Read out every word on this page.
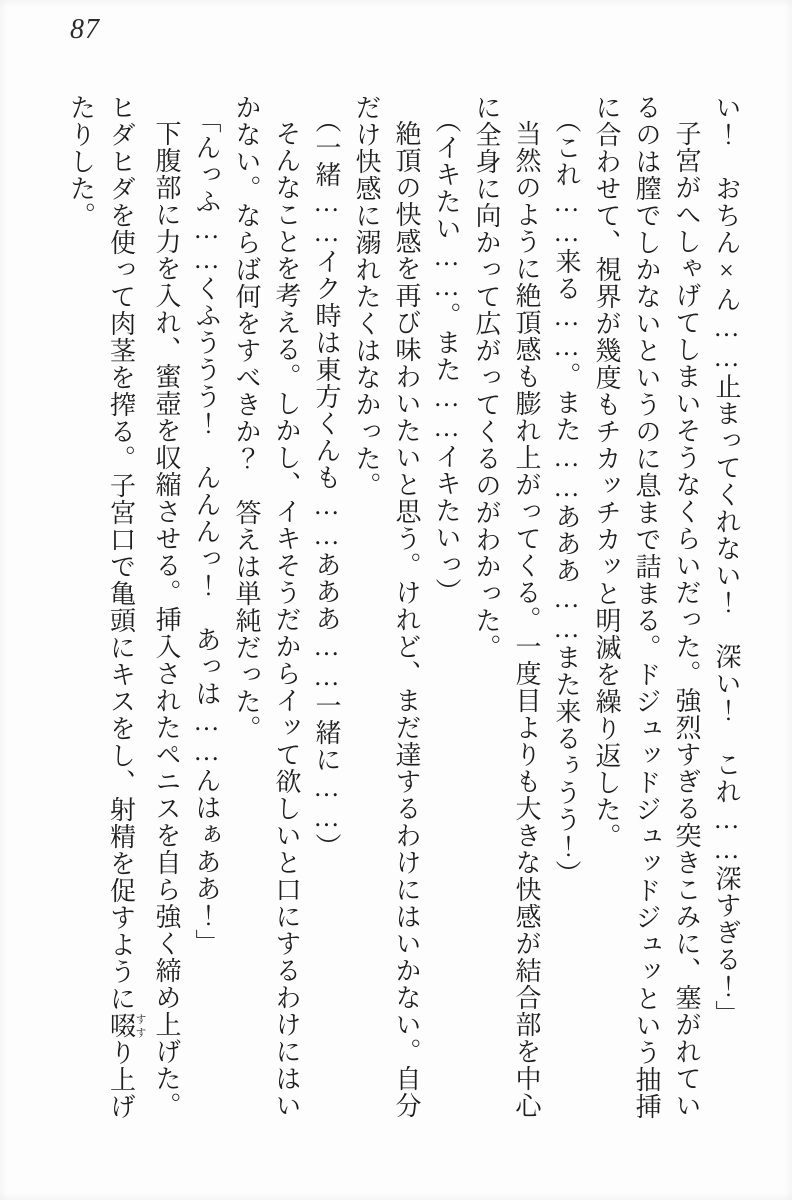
87
い！　おちん×ん……止まってくれない！　深い！　これ……深すぎる！」
子宮がへしゃげてしまいそうなくらいだった。強烈すぎる突きこみに、塞がれてい
るのは膣でしかないというのに息まで詰まる。ドジュッドジュッドジュッという抽挿
に合わせて、視界が幾度もチカッチカッと明滅を繰り返した。
（これ……来る……。また……あああ……また来るぅうう！）
当然のように絶頂感も膨れ上がってくる。一度目よりも大きな快感が結合部を中心
に全身に向かって広がってくるのがわかった。
（イキたい……。また……イキたいっ）
絶頂の快感を再び味わいたいと思う。けれど、まだ達するわけにはいかない。自分
だけ快感に溺れたくはなかった。
（一緒……イク時は東方くんも……あああ……一緒に……）
そんなことを考える。しかし、イキそうだからイッて欲しいと口にするわけにはい
かない。ならば何をすべきか？　答えは単純だった。
「んっふ……くふううう！　んんんっ！　あっは……んはぁああ！」
下腹部に力を入れ、蜜壺を収縮させる。挿入されたペニスを自ら強く締め上げた。
ヒダヒダを使って肉茎を搾る。子宮口で亀頭にキスをし、射精を促すように啜すすり上げ
たりした。
